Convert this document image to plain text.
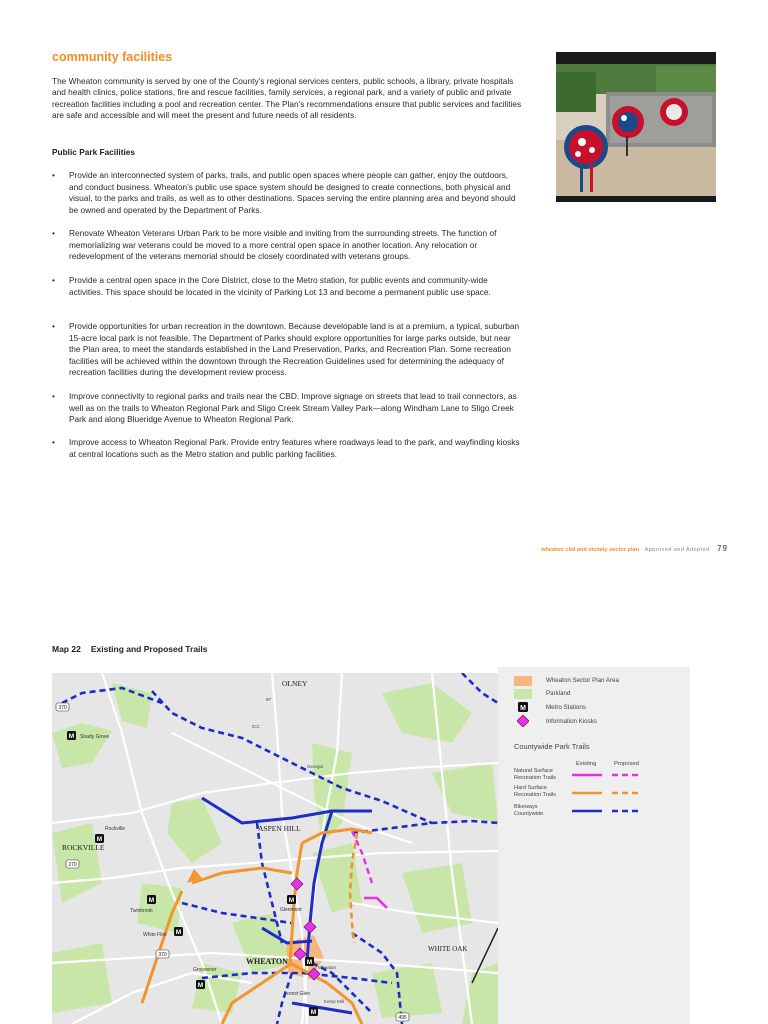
community facilities

The Wheaton community is served by one of the County’s regional services centers, public schools, a library, private hospitals and health clinics, police stations, fire and rescue facilities, family services, a regional park, and a variety of public and private recreation facilities including a pool and recreation center. The Plan’s recommendations ensure that public services and facilities are safe and accessible and will meet the present and future needs of all residents.

Public Park Facilities
•	Provide an interconnected system of parks, trails, and public open spaces where people can gather, enjoy the outdoors, and conduct business. Wheaton’s public use space system should be designed to create connections, both physical and visual, to the parks and trails, as well as to other destinations. Spaces serving the entire planning area and beyond should be owned and operated by the Department of Parks.
•	Renovate Wheaton Veterans Urban Park to be more visible and inviting from the surrounding streets. The function of memorializing war veterans could be moved to a more central open space in another location. Any relocation or redevelopment of the veterans memorial should be closely coordinated with veterans groups.
•	Provide a central open space in the Core District, close to the Metro station, for public events and community-wide activities. This space should be located in the vicinity of Parking Lot 13 and become a permanent public use space.
•	Provide opportunities for urban recreation in the downtown. Because developable land is at a premium, a typical, suburban 15-acre local park is not feasible. The Department of Parks should explore opportunities for large parks outside, but near the Plan area, to meet the standards established in the Land Preservation, Parks, and Recreation Plan. Some recreation facilities will be achieved within the downtown through the Recreation Guidelines used for determining the adequacy of recreation facilities during the development review process.
•	Improve connectivity to regional parks and trails near the CBD. Improve signage on streets that lead to trail connectors, as well as on the trails to Wheaton Regional Park and Sligo Creek Stream Valley Park—along Windham Lane to Sligo Creek Park and along Blueridge Avenue to Wheaton Regional Park.
•	Improve access to Wheaton Regional Park. Provide entry features where roadways lead to the park, and wayfinding kiosks at central locations such as the Metro station and public parking facilities.
wheaton cbd and vicinity sector plan Approved and Adopted 79
Map 22 Existing and Proposed Trails
M
M
M
M
M
M
M
M
370
270
370
495
OLNEY
ASPEN HILL
ROCKVILLE
WHEATON
WHITE OAK
Shady Grove
Rockville
Twinbrook
White Flint
Grosvenor
Glenmont
Forest Glen
ICC
Georgia
Wheaton
Kemp Mill
97
Wheaton Sector Plan Area
Parkland
M	Metro Stations
Information Kiosks
Countywide Park Trails
Existing	Proposed
Natural Surface
Recreation Trails
Hard Surface
Recreation Trails
Bikeways
Countywide
